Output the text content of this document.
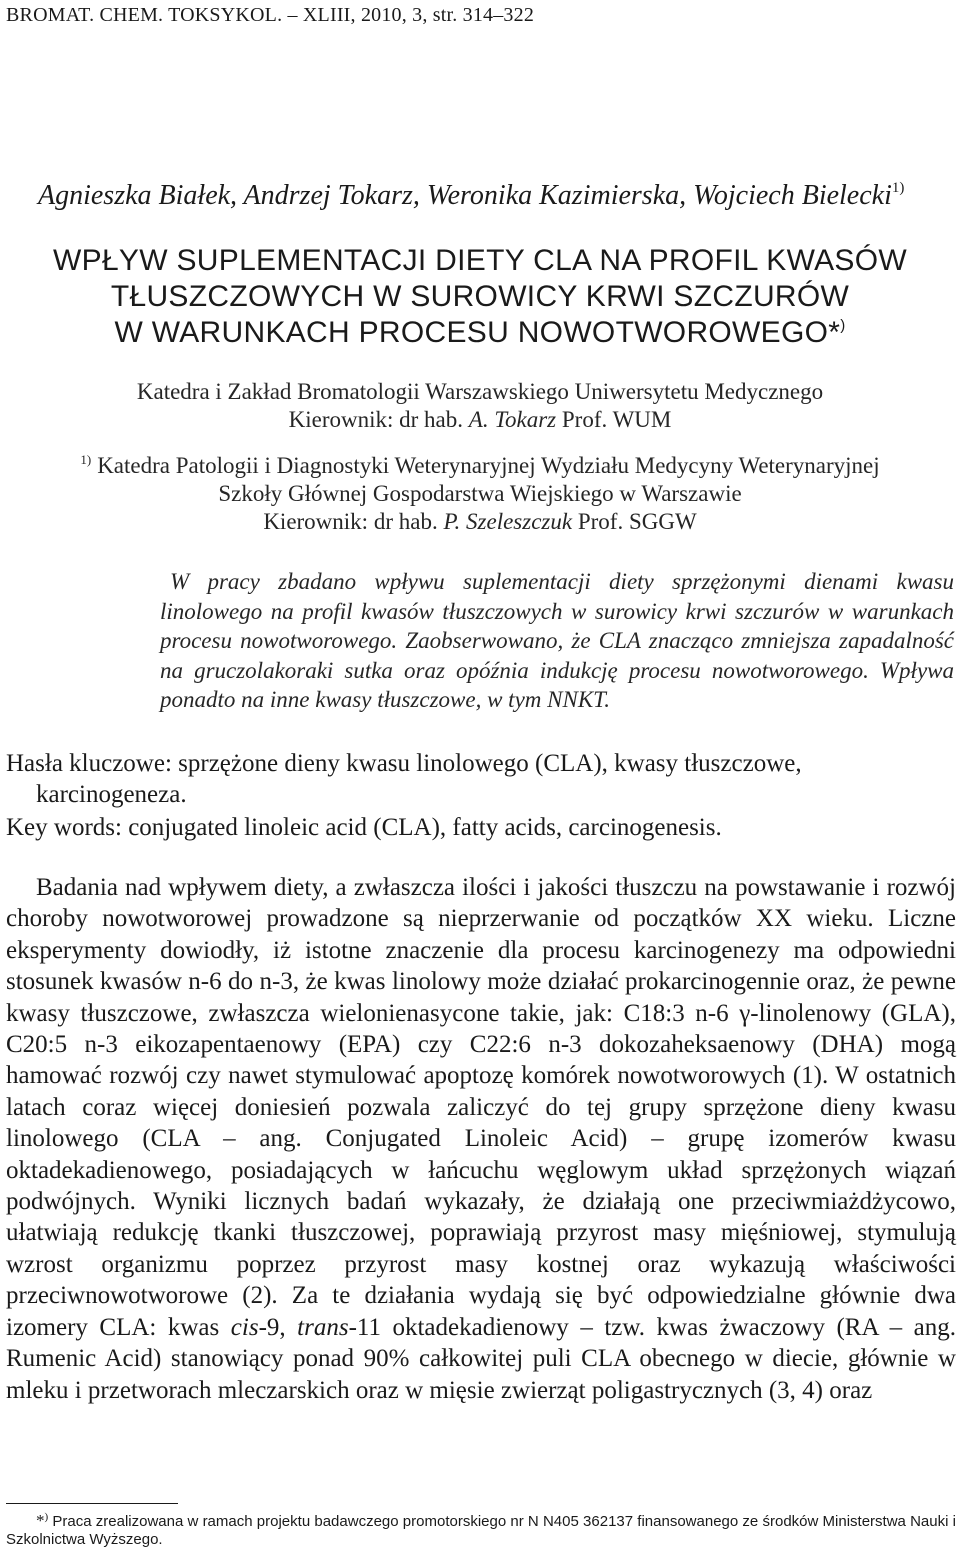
BROMAT. CHEM. TOKSYKOL. – XLIII, 2010, 3, str. 314–322
Agnieszka Białek, Andrzej Tokarz, Weronika Kazimierska, Wojciech Bielecki$^{1)}$
WPŁYW SUPLEMENTACJI DIETY CLA NA PROFIL KWASÓW
TŁUSZCZOWYCH W SUROWICY KRWI SZCZURÓW
W WARUNKACH PROCESU NOWOTWOROWEGO*)
Katedra i Zakład Bromatologii Warszawskiego Uniwersytetu Medycznego
Kierownik: dr hab. A. Tokarz Prof. WUM
$^{1)}$ Katedra Patologii i Diagnostyki Weterynaryjnej Wydziału Medycyny Weterynaryjnej
Szkoły Głównej Gospodarstwa Wiejskiego w Warszawie
Kierownik: dr hab. P. Szeleszczuk Prof. SGGW
W pracy zbadano wpływu suplementacji diety sprzężonymi dienami kwasu linolowego na profil kwasów tłuszczowych w surowicy krwi szczurów w warunkach procesu nowotworowego. Zaobserwowano, że CLA znacząco zmniejsza zapadalność na gruczolakoraki sutka oraz opóźnia indukcję procesu nowotworowego. Wpływa ponadto na inne kwasy tłuszczowe, w tym NNKT.
Hasła kluczowe: sprzężone dieny kwasu linolowego (CLA), kwasy tłuszczowe, karcinogeneza.
Key words: conjugated linoleic acid (CLA), fatty acids, carcinogenesis.

Badania nad wpływem diety, a zwłaszcza ilości i jakości tłuszczu na powstawanie i rozwój choroby nowotworowej prowadzone są nieprzerwanie od początków XX wieku. Liczne eksperymenty dowiodły, iż istotne znaczenie dla procesu karcinogenezy ma odpowiedni stosunek kwasów n-6 do n-3, że kwas linolowy może działać prokarcinogennie oraz, że pewne kwasy tłuszczowe, zwłaszcza wielonienasycone takie, jak: C18:3 n-6 γ-linolenowy (GLA), C20:5 n-3 eikozapentaenowy (EPA) czy C22:6 n-3 dokozaheksaenowy (DHA) mogą hamować rozwój czy nawet stymulować apoptozę komórek nowotworowych (1). W ostatnich latach coraz więcej doniesień pozwala zaliczyć do tej grupy sprzężone dieny kwasu linolowego (CLA – ang. Conjugated Linoleic Acid) – grupę izomerów kwasu oktadekadienowego, posiadających w łańcuchu węglowym układ sprzężonych wiązań podwójnych. Wyniki licznych badań wykazały, że działają one przeciwmiażdżycowo, ułatwiają redukcję tkanki tłuszczowej, poprawiają przyrost masy mięśniowej, stymulują wzrost organizmu poprzez przyrost masy kostnej oraz wykazują właściwości przeciwnowotworowe (2). Za te działania wydają się być odpowiedzialne głównie dwa izomery CLA: kwas cis-9, trans-11 oktadekadienowy – tzw. kwas żwaczowy (RA – ang. Rumenic Acid) stanowiący ponad 90% całkowitej puli CLA obecnego w diecie, głównie w mleku i przetworach mleczarskich oraz w mięsie zwierząt poligastrycznych (3, 4) oraz

*) Praca zrealizowana w ramach projektu badawczego promotorskiego nr N N405 362137 finansowanego ze środków Ministerstwa Nauki i Szkolnictwa Wyższego.
